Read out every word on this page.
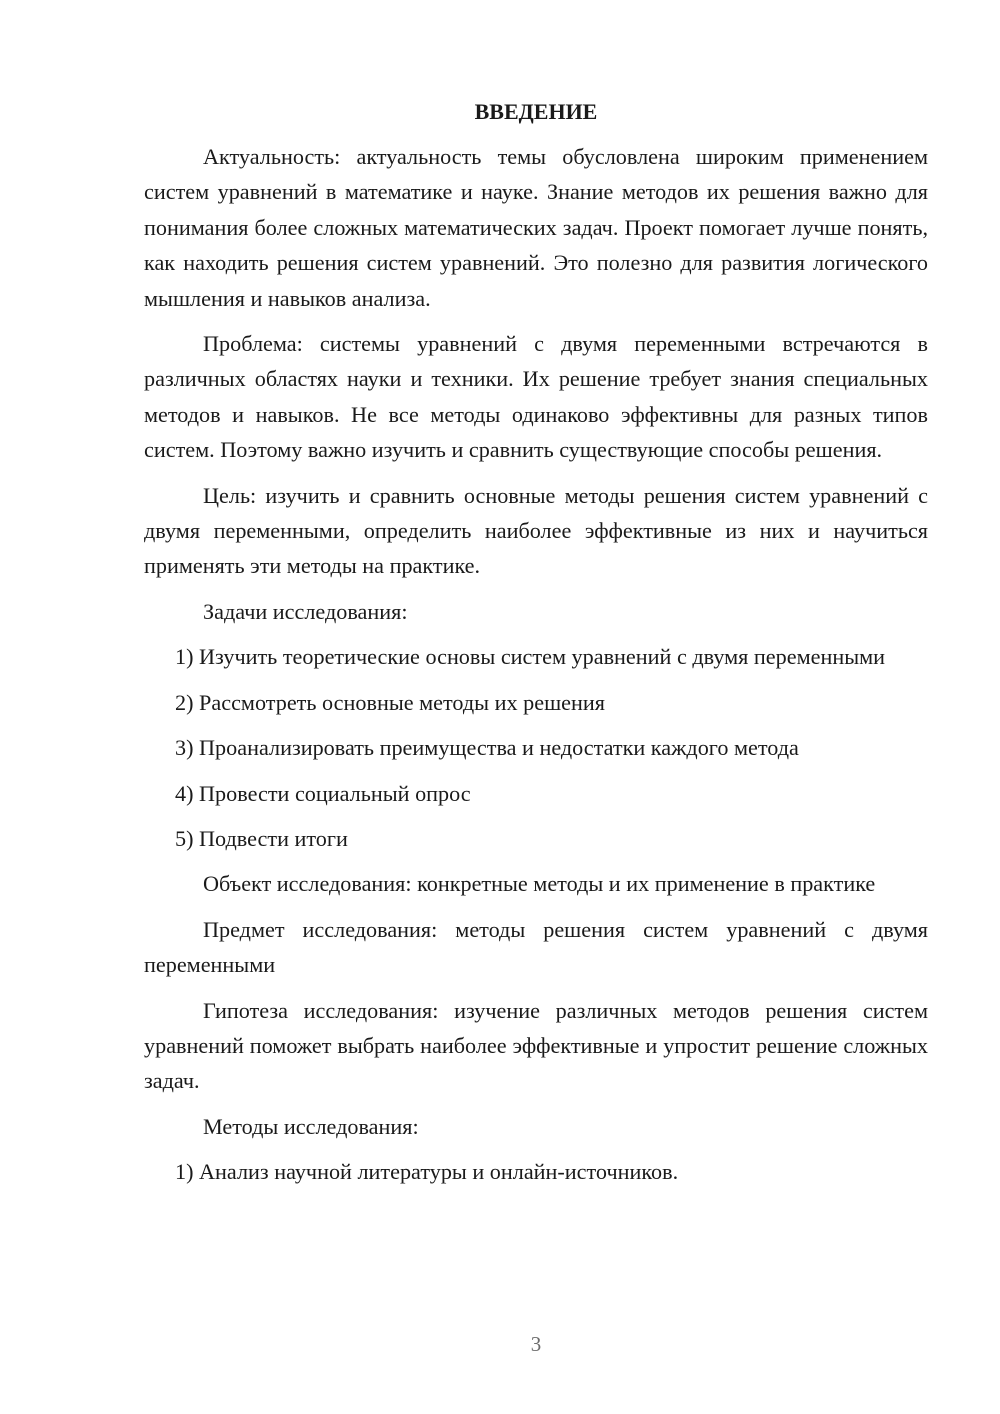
ВВЕДЕНИЕ

Актуальность: актуальность темы обусловлена широким применением систем уравнений в математике и науке. Знание методов их решения важно для понимания более сложных математических задач. Проект помогает лучше понять, как находить решения систем уравнений. Это полезно для развития логического мышления и навыков анализа.

Проблема: системы уравнений с двумя переменными встречаются в различных областях науки и техники. Их решение требует знания специальных методов и навыков. Не все методы одинаково эффективны для разных типов систем. Поэтому важно изучить и сравнить существующие способы решения.

Цель: изучить и сравнить основные методы решения систем уравнений с двумя переменными, определить наиболее эффективные из них и научиться применять эти методы на практике.

Задачи исследования:

1) Изучить теоретические основы систем уравнений с двумя переменными

2) Рассмотреть основные методы их решения

3) Проанализировать преимущества и недостатки каждого метода

4) Провести социальный опрос

5) Подвести итоги

Объект исследования: конкретные методы и их применение в практике

Предмет исследования: методы решения систем уравнений с двумя переменными

Гипотеза исследования: изучение различных методов решения систем уравнений поможет выбрать наиболее эффективные и упростит решение сложных задач.

Методы исследования:

1) Анализ научной литературы и онлайн-источников.

3
